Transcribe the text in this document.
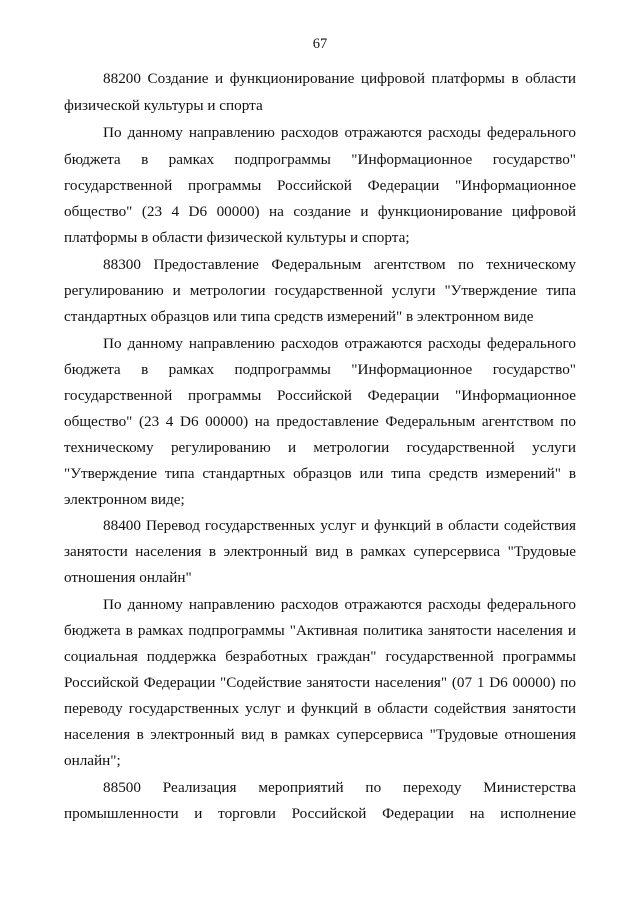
67
88200 Создание и функционирование цифровой платформы в области
физической культуры и спорта
По данному направлению расходов отражаются расходы федерального
бюджета в рамках подпрограммы "Информационное государство"
государственной программы Российской Федерации "Информационное
общество" (23 4 D6 00000) на создание и функционирование цифровой
платформы в области физической культуры и спорта;
88300 Предоставление Федеральным агентством по техническому
регулированию и метрологии государственной услуги "Утверждение типа
стандартных образцов или типа средств измерений" в электронном виде
По данному направлению расходов отражаются расходы федерального
бюджета в рамках подпрограммы "Информационное государство"
государственной программы Российской Федерации "Информационное
общество" (23 4 D6 00000) на предоставление Федеральным агентством по
техническому регулированию и метрологии государственной услуги
"Утверждение типа стандартных образцов или типа средств измерений" в
электронном виде;
88400 Перевод государственных услуг и функций в области содействия
занятости населения в электронный вид в рамках суперсервиса "Трудовые
отношения онлайн"
По данному направлению расходов отражаются расходы федерального
бюджета в рамках подпрограммы "Активная политика занятости населения и
социальная поддержка безработных граждан" государственной программы
Российской Федерации "Содействие занятости населения" (07 1 D6 00000) по
переводу государственных услуг и функций в области содействия занятости
населения в электронный вид в рамках суперсервиса "Трудовые отношения
онлайн";
88500 Реализация мероприятий по переходу Министерства
промышленности и торговли Российской Федерации на исполнение
